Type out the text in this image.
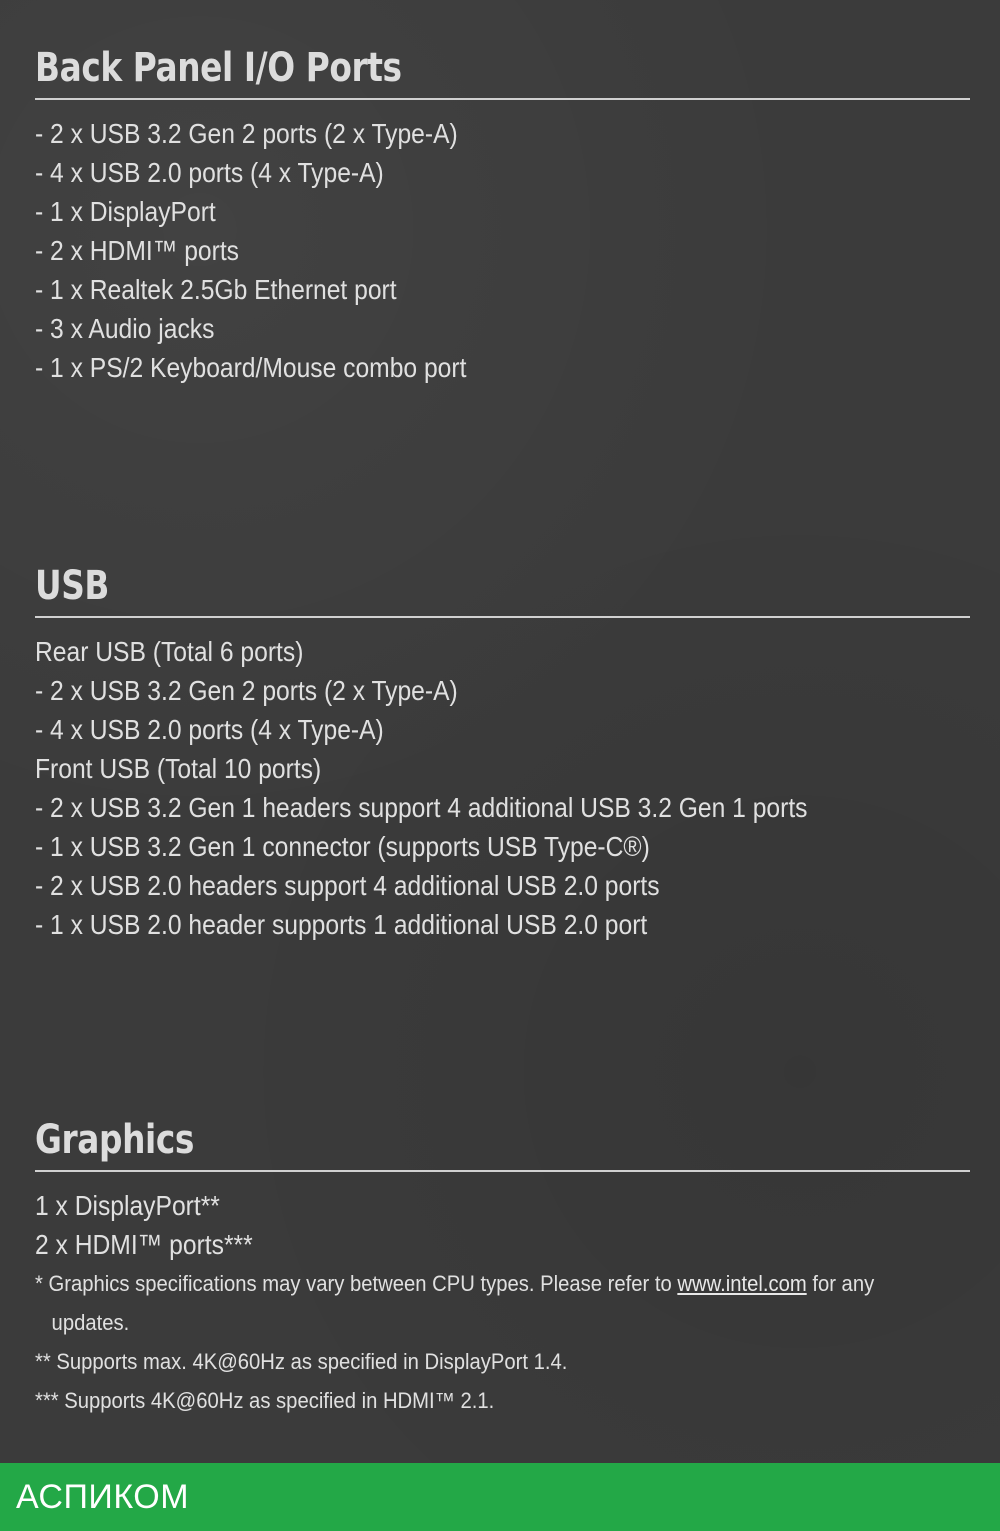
Back Panel I/O Ports
- 2 x USB 3.2 Gen 2 ports (2 x Type-A)
- 4 x USB 2.0 ports (4 x Type-A)
- 1 x DisplayPort
- 2 x HDMI™ ports
- 1 x Realtek 2.5Gb Ethernet port
- 3 x Audio jacks
- 1 x PS/2 Keyboard/Mouse combo port
USB
Rear USB (Total 6 ports)
- 2 x USB 3.2 Gen 2 ports (2 x Type-A)
- 4 x USB 2.0 ports (4 x Type-A)
Front USB (Total 10 ports)
- 2 x USB 3.2 Gen 1 headers support 4 additional USB 3.2 Gen 1 ports
- 1 x USB 3.2 Gen 1 connector (supports USB Type-C®)
- 2 x USB 2.0 headers support 4 additional USB 2.0 ports
- 1 x USB 2.0 header supports 1 additional USB 2.0 port
Graphics
1 x DisplayPort**
2 x HDMI™ ports***
* Graphics specifications may vary between CPU types. Please refer to www.intel.com for any
updates.
** Supports max. 4K@60Hz as specified in DisplayPort 1.4.
*** Supports 4K@60Hz as specified in HDMI™ 2.1.
АСПИКОМ
